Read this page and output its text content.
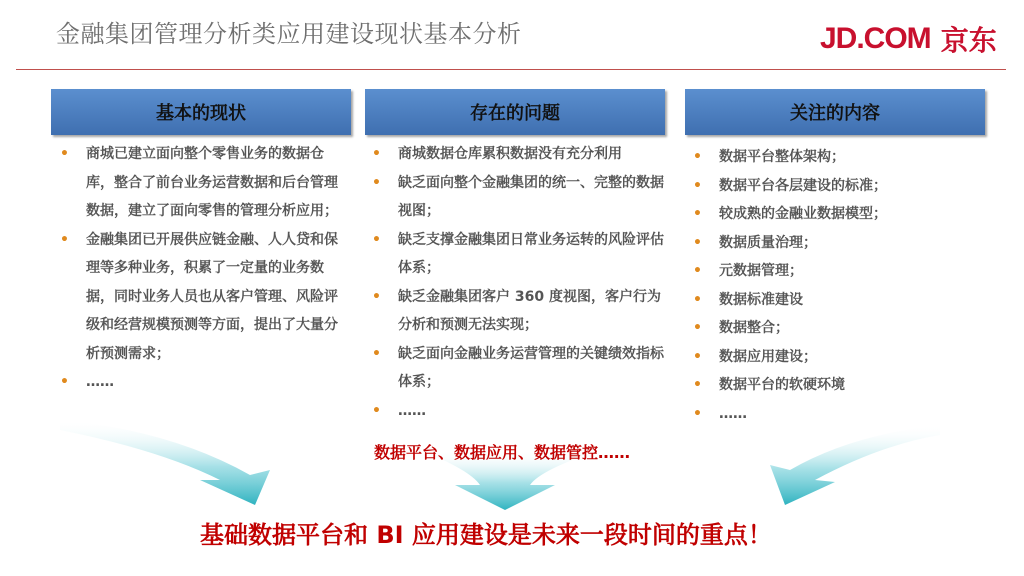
金融集团管理分析类应用建设现状基本分析	JD.COM 京东
基本的现状	存在的问题	关注的内容
• 商城已建立面向整个零售业务的数据仓库，整合了前台业务运营数据和后台管理数据，建立了面向零售的管理分析应用；
• 金融集团已开展供应链金融、人人贷和保理等多种业务，积累了一定量的业务数据，同时业务人员也从客户管理、风险评级和经营规模预测等方面，提出了大量分析预测需求；
• ……
• 商城数据仓库累积数据没有充分利用
• 缺乏面向整个金融集团的统一、完整的数据视图；
• 缺乏支撑金融集团日常业务运转的风险评估体系；
• 缺乏金融集团客户 360 度视图，客户行为分析和预测无法实现；
• 缺乏面向金融业务运营管理的关键绩效指标体系；
• ……
• 数据平台整体架构；
• 数据平台各层建设的标准；
• 较成熟的金融业数据模型；
• 数据质量治理；
• 元数据管理；
• 数据标准建设
• 数据整合；
• 数据应用建设；
• 数据平台的软硬环境
• ……
数据平台、数据应用、数据管控……
基础数据平台和 BI 应用建设是未来一段时间的重点！
